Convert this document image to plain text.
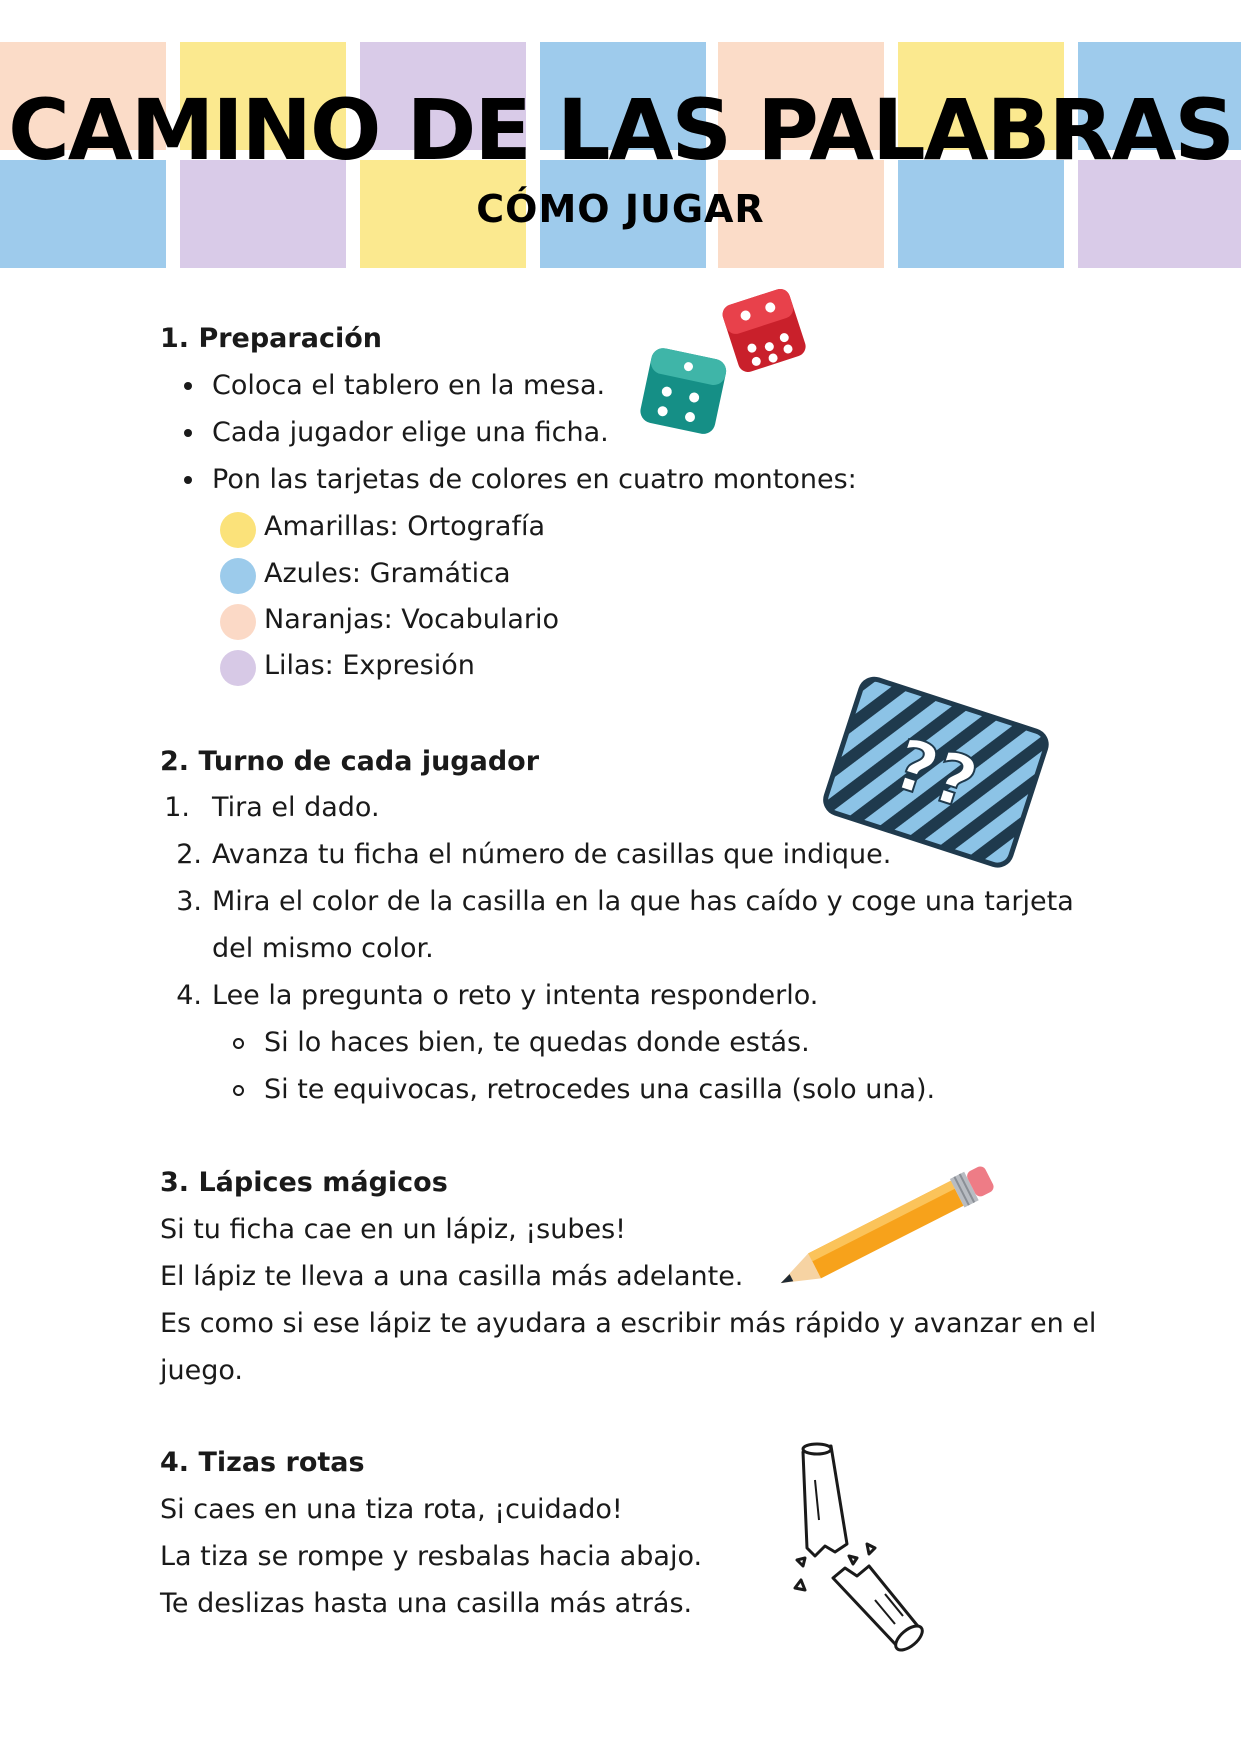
CAMINO DE LAS PALABRAS
CÓMO JUGAR
1. Preparación
Coloca el tablero en la mesa.
Cada jugador elige una ficha.
Pon las tarjetas de colores en cuatro montones:
Amarillas: Ortografía
Azules: Gramática
Naranjas: Vocabulario
Lilas: Expresión
2. Turno de cada jugador
1. Tira el dado.
2. Avanza tu ficha el número de casillas que indique.
3. Mira el color de la casilla en la que has caído y coge una tarjeta
del mismo color.
4. Lee la pregunta o reto y intenta responderlo.
Si lo haces bien, te quedas donde estás.
Si te equivocas, retrocedes una casilla (solo una).
??
3. Lápices mágicos
Si tu ficha cae en un lápiz, ¡subes!
El lápiz te lleva a una casilla más adelante.
Es como si ese lápiz te ayudara a escribir más rápido y avanzar en el
juego.
4. Tizas rotas
Si caes en una tiza rota, ¡cuidado!
La tiza se rompe y resbalas hacia abajo.
Te deslizas hasta una casilla más atrás.
